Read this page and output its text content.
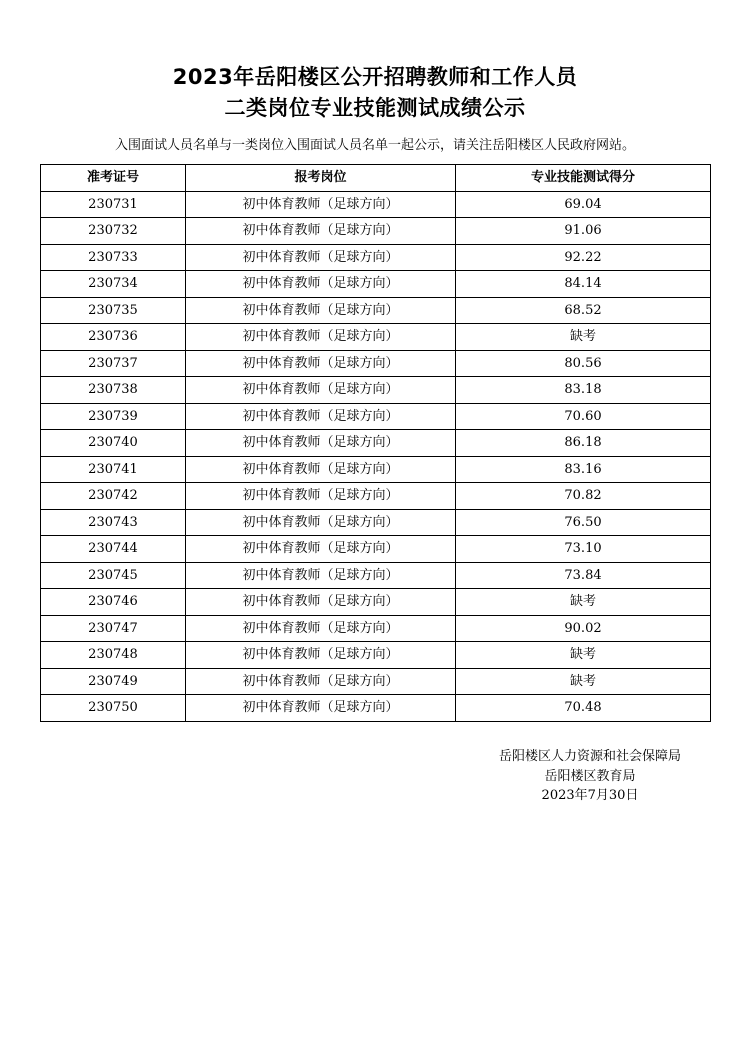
2023年岳阳楼区公开招聘教师和工作人员
二类岗位专业技能测试成绩公示
入围面试人员名单与一类岗位入围面试人员名单一起公示，请关注岳阳楼区人民政府网站。
准考证号	报考岗位	专业技能测试得分
230731	初中体育教师（足球方向）	69.04
230732	初中体育教师（足球方向）	91.06
230733	初中体育教师（足球方向）	92.22
230734	初中体育教师（足球方向）	84.14
230735	初中体育教师（足球方向）	68.52
230736	初中体育教师（足球方向）	缺考
230737	初中体育教师（足球方向）	80.56
230738	初中体育教师（足球方向）	83.18
230739	初中体育教师（足球方向）	70.60
230740	初中体育教师（足球方向）	86.18
230741	初中体育教师（足球方向）	83.16
230742	初中体育教师（足球方向）	70.82
230743	初中体育教师（足球方向）	76.50
230744	初中体育教师（足球方向）	73.10
230745	初中体育教师（足球方向）	73.84
230746	初中体育教师（足球方向）	缺考
230747	初中体育教师（足球方向）	90.02
230748	初中体育教师（足球方向）	缺考
230749	初中体育教师（足球方向）	缺考
230750	初中体育教师（足球方向）	70.48
岳阳楼区人力资源和社会保障局
岳阳楼区教育局
2023年7月30日
